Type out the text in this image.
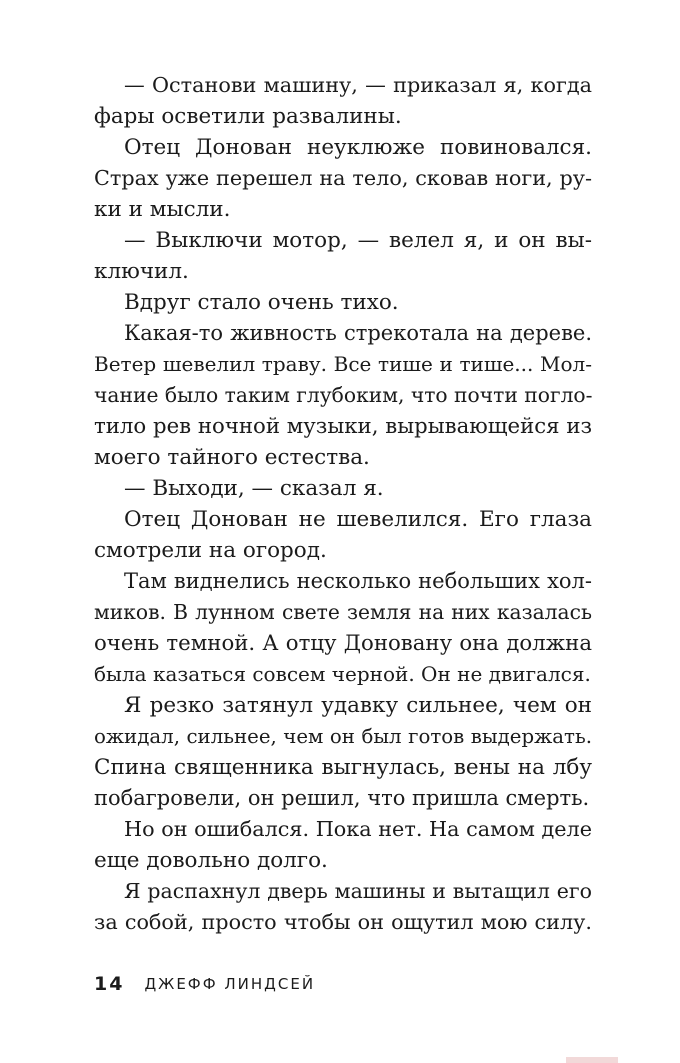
— Останови машину, — приказал я, когда
фары осветили развалины.
Отец Донован неуклюже повиновался.
Страх уже перешел на тело, сковав ноги, ру-
ки и мысли.
— Выключи мотор, — велел я, и он вы-
ключил.
Вдруг стало очень тихо.
Какая-то живность стрекотала на дереве.
Ветер шевелил траву. Все тише и тише... Мол-
чание было таким глубоким, что почти погло-
тило рев ночной музыки, вырывающейся из
моего тайного естества.
— Выходи, — сказал я.
Отец Донован не шевелился. Его глаза
смотрели на огород.
Там виднелись несколько небольших хол-
миков. В лунном свете земля на них казалась
очень темной. А отцу Доновану она должна
была казаться совсем черной. Он не двигался.
Я резко затянул удавку сильнее, чем он
ожидал, сильнее, чем он был готов выдержать.
Спина священника выгнулась, вены на лбу
побагровели, он решил, что пришла смерть.
Но он ошибался. Пока нет. На самом деле
еще довольно долго.
Я распахнул дверь машины и вытащил его
за собой, просто чтобы он ощутил мою силу.
14 ДЖЕФФ ЛИНДСЕЙ
